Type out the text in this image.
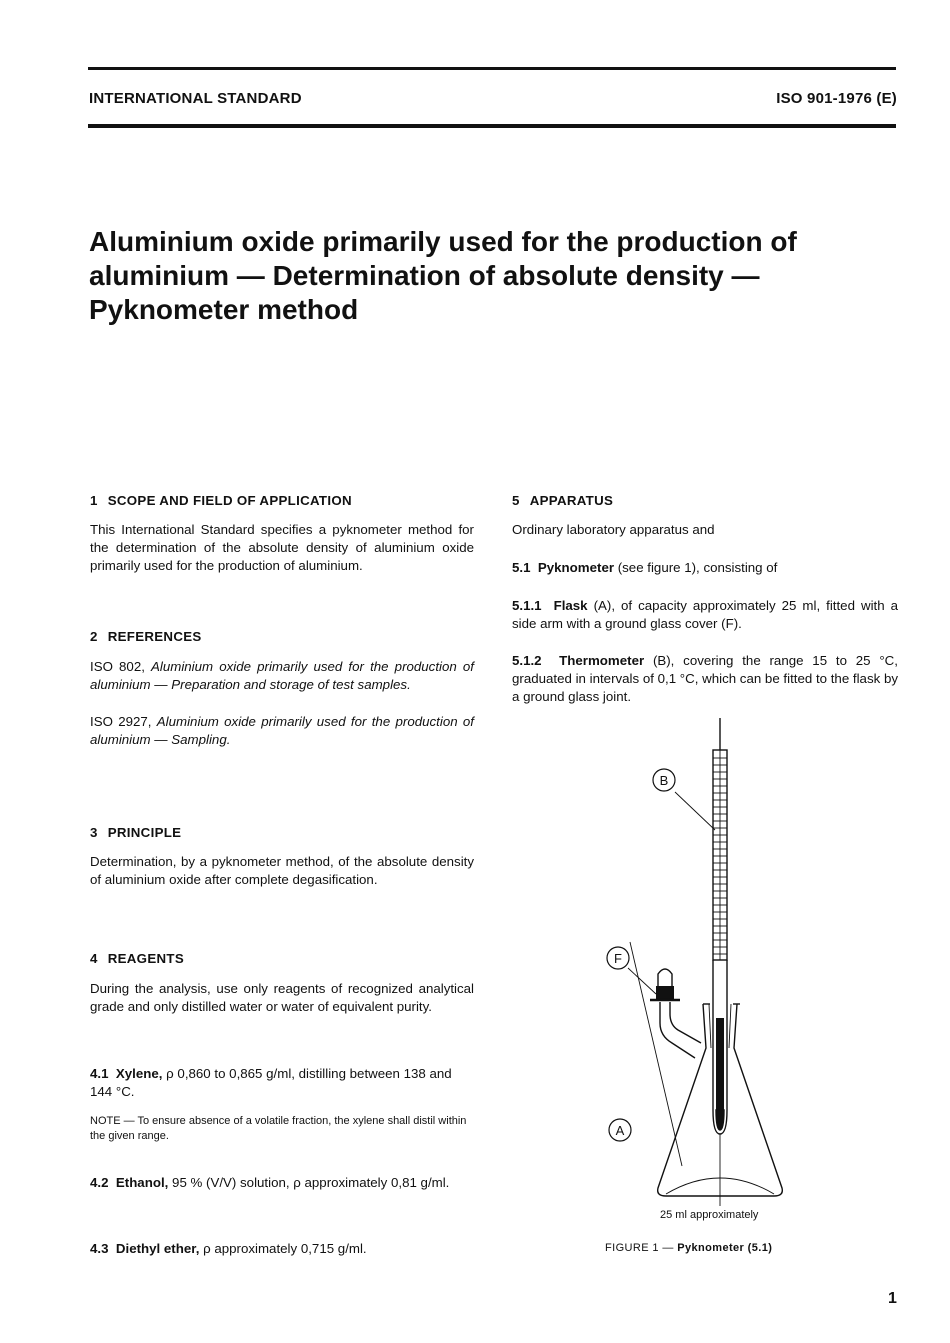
INTERNATIONAL STANDARD	ISO 901-1976 (E)
Aluminium oxide primarily used for the production of
aluminium — Determination of absolute density —
Pyknometer method
1 SCOPE AND FIELD OF APPLICATION

This International Standard specifies a pyknometer method for the determination of the absolute density of aluminium oxide primarily used for the production of aluminium.

2 REFERENCES

ISO 802, Aluminium oxide primarily used for the production of aluminium — Preparation and storage of test samples.

ISO 2927, Aluminium oxide primarily used for the production of aluminium — Sampling.

3 PRINCIPLE

Determination, by a pyknometer method, of the absolute density of aluminium oxide after complete degasification.

4 REAGENTS

During the analysis, use only reagents of recognized analytical grade and only distilled water or water of equivalent purity.

4.1 Xylene, ρ 0,860 to 0,865 g/ml, distilling between 138 and 144 °C.

NOTE — To ensure absence of a volatile fraction, the xylene shall distil within the given range.

4.2 Ethanol, 95 % (V/V) solution, ρ approximately 0,81 g/ml.

4.3 Diethyl ether, ρ approximately 0,715 g/ml.

5 APPARATUS

Ordinary laboratory apparatus and

5.1 Pyknometer (see figure 1), consisting of

5.1.1 Flask (A), of capacity approximately 25 ml, fitted with a side arm with a ground glass cover (F).

5.1.2 Thermometer (B), covering the range 15 to 25 °C, graduated in intervals of 0,1 °C, which can be fitted to the flask by a ground glass joint.

B
F
A
25 ml approximately
FIGURE 1 — Pyknometer (5.1)
1
